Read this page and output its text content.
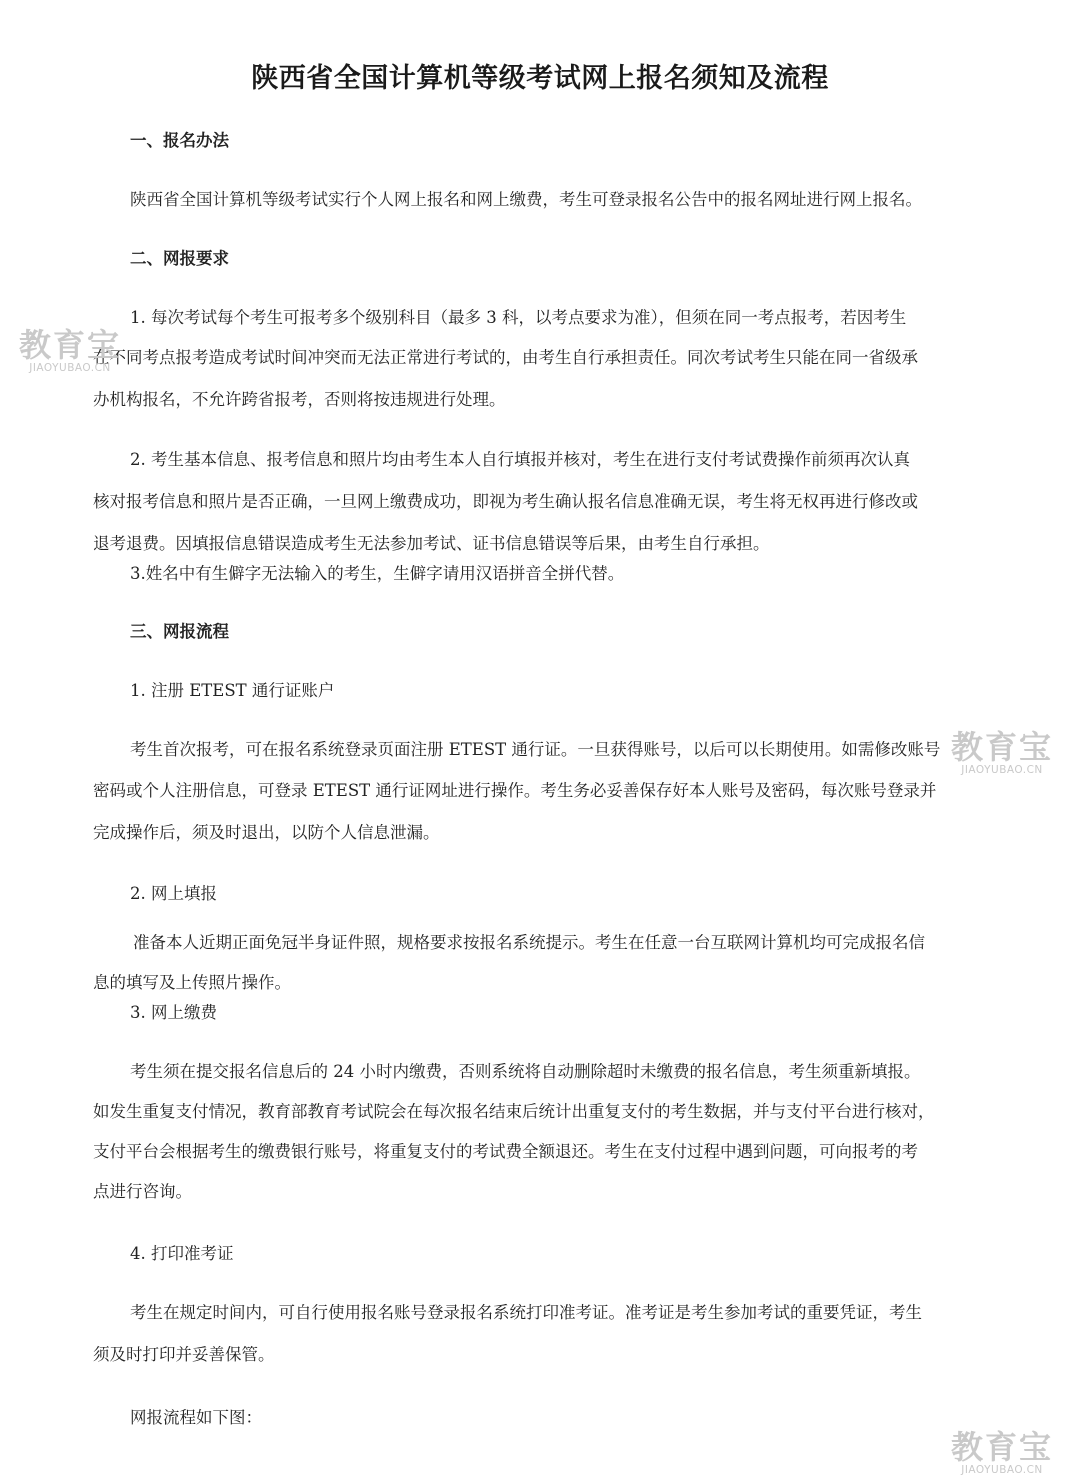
陕西省全国计算机等级考试网上报名须知及流程
一、报名办法
陕西省全国计算机等级考试实行个人网上报名和网上缴费，考生可登录报名公告中的报名网址进行网上报名。
二、网报要求
1. 每次考试每个考生可报考多个级别科目（最多 3 科，以考点要求为准），但须在同一考点报考，若因考生
在不同考点报考造成考试时间冲突而无法正常进行考试的，由考生自行承担责任。同次考试考生只能在同一省级承
办机构报名，不允许跨省报考，否则将按违规进行处理。
2. 考生基本信息、报考信息和照片均由考生本人自行填报并核对，考生在进行支付考试费操作前须再次认真
核对报考信息和照片是否正确，一旦网上缴费成功，即视为考生确认报名信息准确无误，考生将无权再进行修改或
退考退费。因填报信息错误造成考生无法参加考试、证书信息错误等后果，由考生自行承担。
3.姓名中有生僻字无法输入的考生，生僻字请用汉语拼音全拼代替。
三、网报流程
1. 注册 ETEST 通行证账户
考生首次报考，可在报名系统登录页面注册 ETEST 通行证。一旦获得账号，以后可以长期使用。如需修改账号
密码或个人注册信息，可登录 ETEST 通行证网址进行操作。考生务必妥善保存好本人账号及密码，每次账号登录并
完成操作后，须及时退出，以防个人信息泄漏。
2. 网上填报
准备本人近期正面免冠半身证件照，规格要求按报名系统提示。考生在任意一台互联网计算机均可完成报名信
息的填写及上传照片操作。
3. 网上缴费
考生须在提交报名信息后的 24 小时内缴费，否则系统将自动删除超时未缴费的报名信息，考生须重新填报。
如发生重复支付情况，教育部教育考试院会在每次报名结束后统计出重复支付的考生数据，并与支付平台进行核对，
支付平台会根据考生的缴费银行账号，将重复支付的考试费全额退还。考生在支付过程中遇到问题，可向报考的考
点进行咨询。
4. 打印准考证
考生在规定时间内，可自行使用报名账号登录报名系统打印准考证。准考证是考生参加考试的重要凭证，考生
须及时打印并妥善保管。
网报流程如下图：
教育宝
JIAOYUBAO.CN
教育宝
JIAOYUBAO.CN
教育宝
JIAOYUBAO.CN
